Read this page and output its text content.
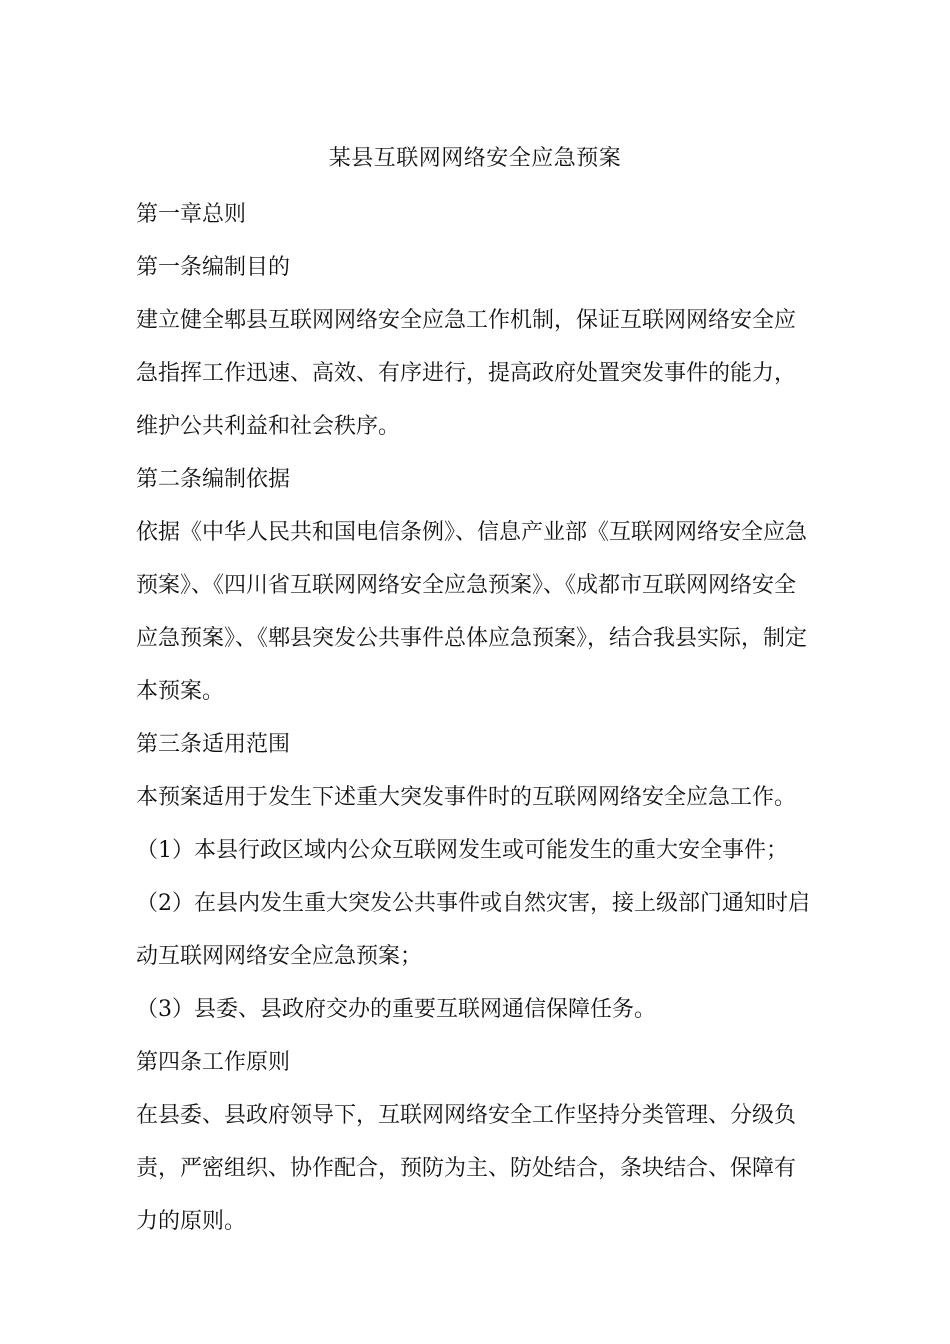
某县互联网网络安全应急预案

第一章总则

第一条编制目的

建立健全郫县互联网网络安全应急工作机制，保证互联网网络安全应
急指挥工作迅速、高效、有序进行，提高政府处置突发事件的能力，
维护公共利益和社会秩序。

第二条编制依据

依据《中华人民共和国电信条例》、信息产业部《互联网网络安全应急
预案》、《四川省互联网网络安全应急预案》、《成都市互联网网络安全
应急预案》、《郫县突发公共事件总体应急预案》，结合我县实际，制定
本预案。

第三条适用范围

本预案适用于发生下述重大突发事件时的互联网网络安全应急工作。

（1）本县行政区域内公众互联网发生或可能发生的重大安全事件；

（2）在县内发生重大突发公共事件或自然灾害，接上级部门通知时启
动互联网网络安全应急预案；

（3）县委、县政府交办的重要互联网通信保障任务。

第四条工作原则

在县委、县政府领导下，互联网网络安全工作坚持分类管理、分级负
责，严密组织、协作配合，预防为主、防处结合，条块结合、保障有
力的原则。
